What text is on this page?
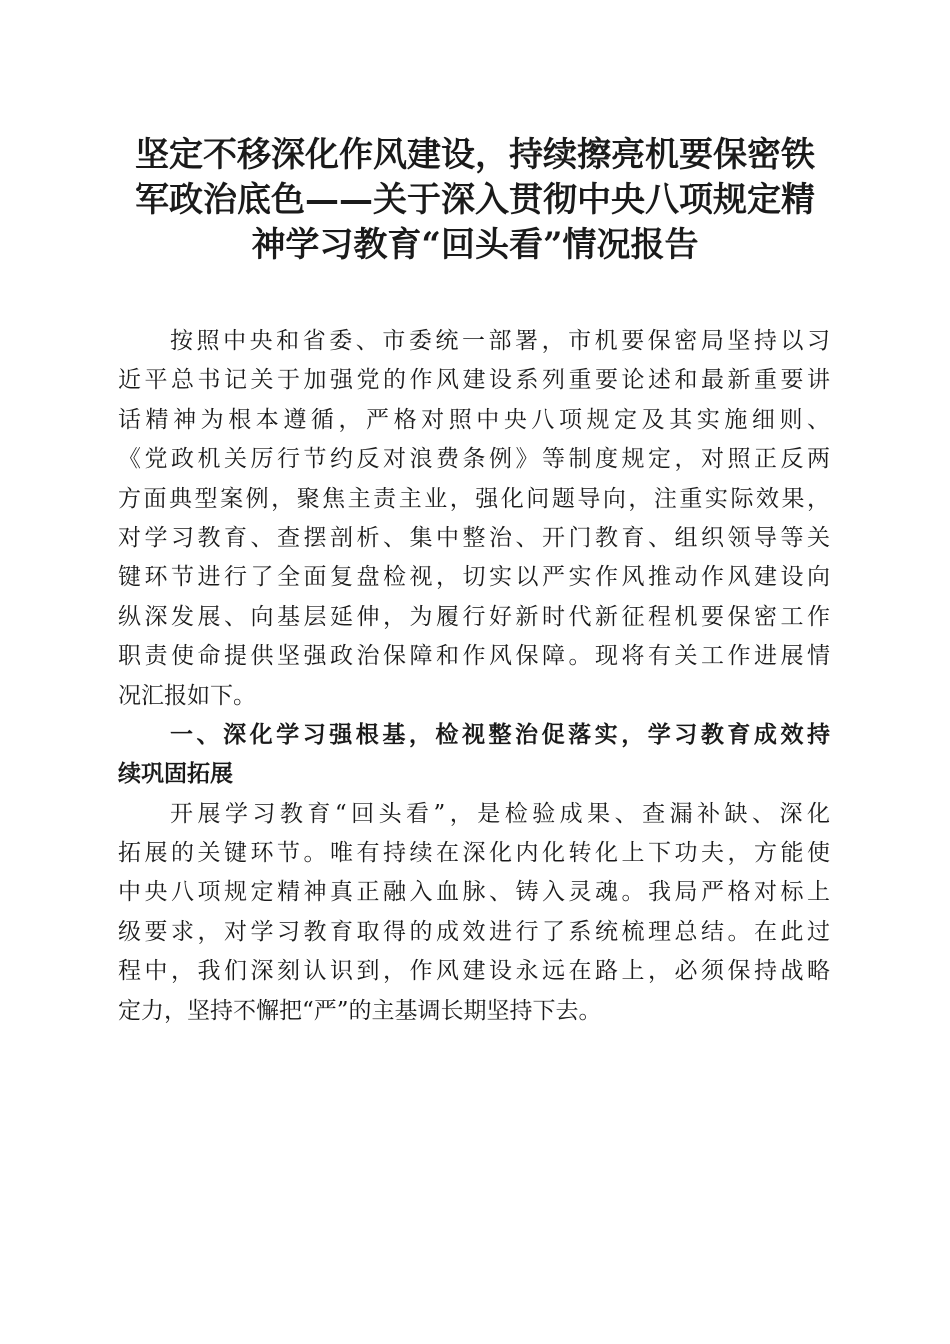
坚定不移深化作风建设，持续擦亮机要保密铁
军政治底色——关于深入贯彻中央八项规定精
神学习教育“回头看”情况报告
按照中央和省委、市委统一部署，市机要保密局坚持以习
近平总书记关于加强党的作风建设系列重要论述和最新重要讲
话精神为根本遵循，严格对照中央八项规定及其实施细则、
《党政机关厉行节约反对浪费条例》等制度规定，对照正反两
方面典型案例，聚焦主责主业，强化问题导向，注重实际效果，
对学习教育、查摆剖析、集中整治、开门教育、组织领导等关
键环节进行了全面复盘检视，切实以严实作风推动作风建设向
纵深发展、向基层延伸，为履行好新时代新征程机要保密工作
职责使命提供坚强政治保障和作风保障。现将有关工作进展情
况汇报如下。
一、深化学习强根基，检视整治促落实，学习教育成效持
续巩固拓展
开展学习教育“回头看”，是检验成果、查漏补缺、深化
拓展的关键环节。唯有持续在深化内化转化上下功夫，方能使
中央八项规定精神真正融入血脉、铸入灵魂。我局严格对标上
级要求，对学习教育取得的成效进行了系统梳理总结。在此过
程中，我们深刻认识到，作风建设永远在路上，必须保持战略
定力，坚持不懈把“严”的主基调长期坚持下去。
